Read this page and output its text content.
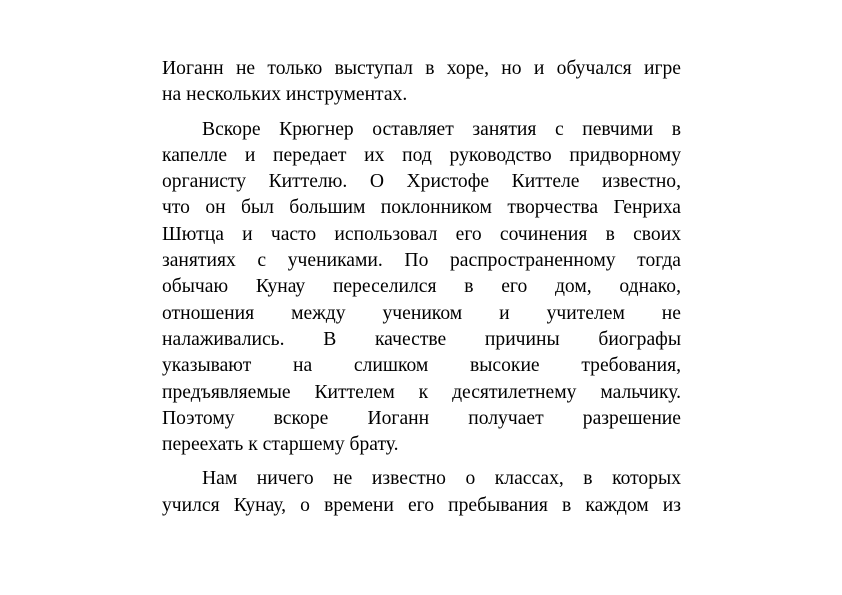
Иоганн не только выступал в хоре, но и обучался игре
на нескольких инструментах.
Вскоре Крюгнер оставляет занятия с певчими в
капелле и передает их под руководство придворному
органисту Киттелю. О Христофе Киттеле известно,
что он был большим поклонником творчества Генриха
Шютца и часто использовал его сочинения в своих
занятиях с учениками. По распространенному тогда
обычаю Кунау переселился в его дом, однако,
отношения между учеником и учителем не
налаживались. В качестве причины биографы
указывают на слишком высокие требования,
предъявляемые Киттелем к десятилетнему мальчику.
Поэтому вскоре Иоганн получает разрешение
переехать к старшему брату.
Нам ничего не известно о классах, в которых
учился Кунау, о времени его пребывания в каждом из
